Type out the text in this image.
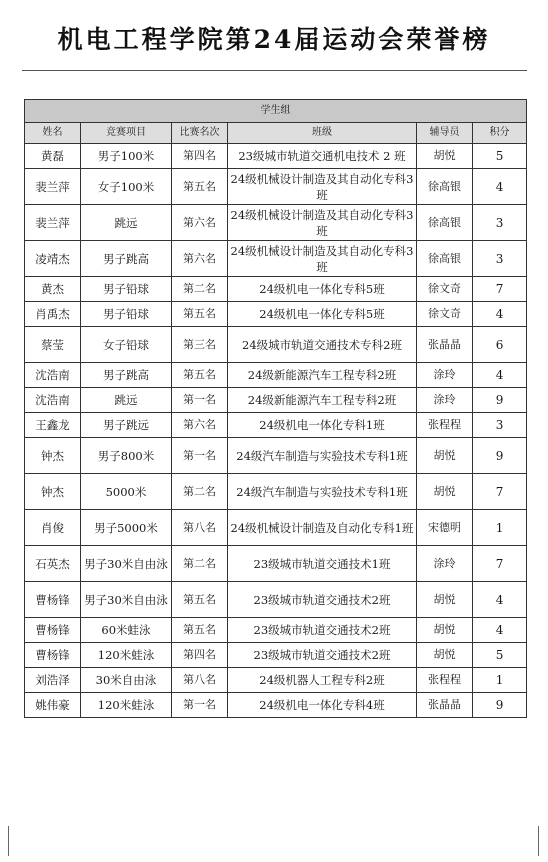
机电工程学院第24届运动会荣誉榜
学生组					
姓名	竞赛项目	比赛名次	班级	辅导员	积分
黄磊	男子100米	第四名	23级城市轨道交通机电技术 2 班	胡悦	5
裴兰萍	女子100米	第五名	24级机械设计制造及其自动化专科3班	徐高银	4
裴兰萍	跳远	第六名	24级机械设计制造及其自动化专科3班	徐高银	3
凌靖杰	男子跳高	第六名	24级机械设计制造及其自动化专科3班	徐高银	3
黄杰	男子铅球	第二名	24级机电一体化专科5班	徐文奇	7
肖禹杰	男子铅球	第五名	24级机电一体化专科5班	徐文奇	4
蔡莹	女子铅球	第三名	24级城市轨道交通技术专科2班	张晶晶	6
沈浩南	男子跳高	第五名	24级新能源汽车工程专科2班	涂玲	4
沈浩南	跳远	第一名	24级新能源汽车工程专科2班	涂玲	9
王鑫龙	男子跳远	第六名	24级机电一体化专科1班	张程程	3
钟杰	男子800米	第一名	24级汽车制造与实验技术专科1班	胡悦	9
钟杰	5000米	第二名	24级汽车制造与实验技术专科1班	胡悦	7
肖俊	男子5000米	第八名	24级机械设计制造及自动化专科1班	宋德明	1
石英杰	男子30米自由泳	第二名	23级城市轨道交通技术1班	涂玲	7
曹杨锋	男子30米自由泳	第五名	23级城市轨道交通技术2班	胡悦	4
曹杨锋	60米蛙泳	第五名	23级城市轨道交通技术2班	胡悦	4
曹杨锋	120米蛙泳	第四名	23级城市轨道交通技术2班	胡悦	5
刘浩泽	30米自由泳	第八名	24级机器人工程专科2班	张程程	1
姚伟豪	120米蛙泳	第一名	24级机电一体化专科4班	张晶晶	9
